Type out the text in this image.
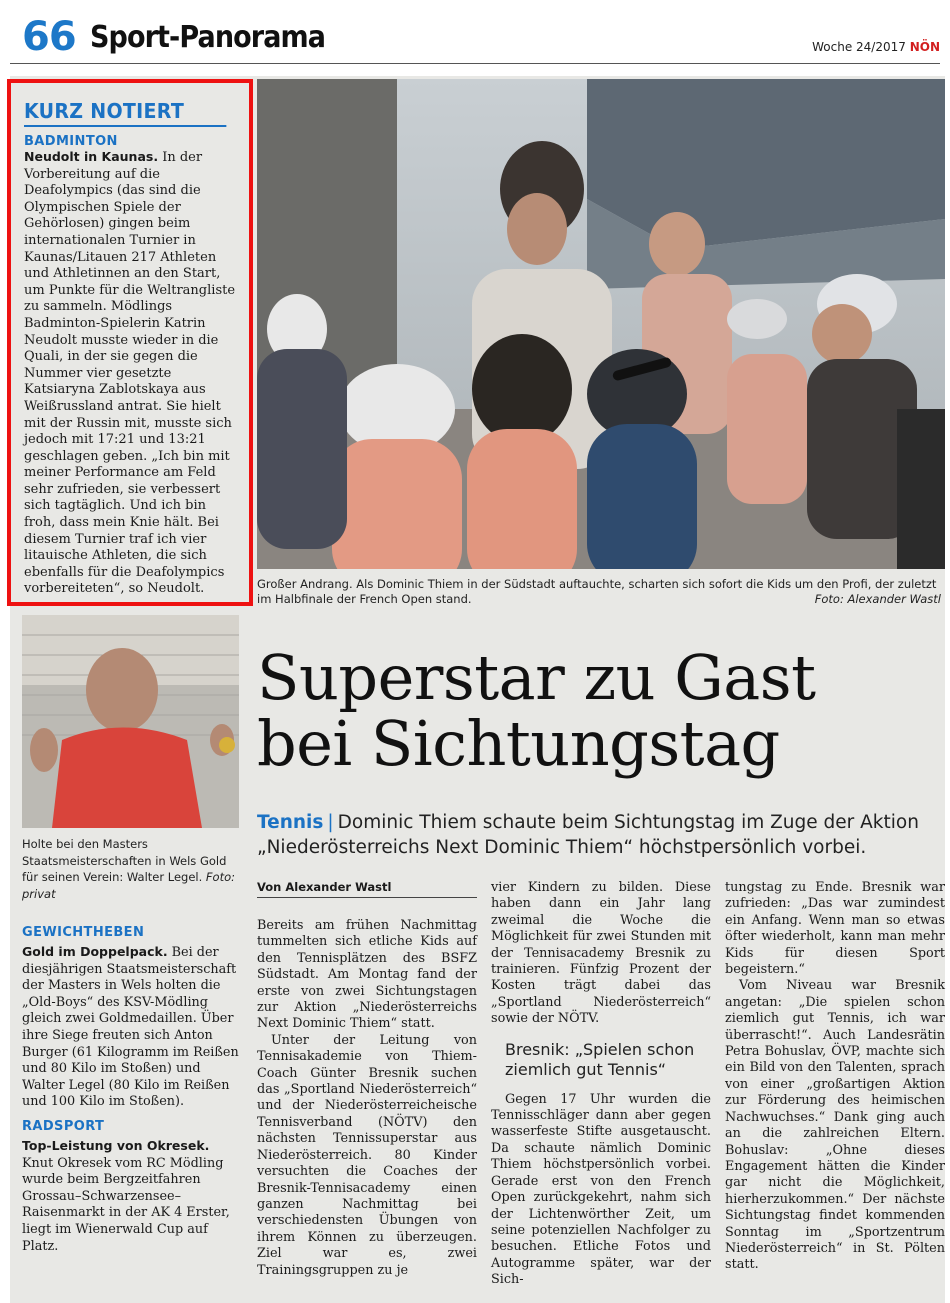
66 Sport-Panorama	Woche 24/2017 NÖN
KURZ NOTIERT
BADMINTON
Neudolt in Kaunas. In der Vorbereitung auf die Deafolympics (das sind die Olympischen Spiele der Gehörlosen) gingen beim internationalen Turnier in Kaunas/Litauen 217 Athleten und Athletinnen an den Start, um Punkte für die Weltrangliste zu sammeln. Mödlings Badminton-Spielerin Katrin Neudolt musste wieder in die Quali, in der sie gegen die Nummer vier gesetzte Katsiaryna Zablotskaya aus Weißrussland antrat. Sie hielt mit der Russin mit, musste sich jedoch mit 17:21 und 13:21 geschlagen geben. „Ich bin mit meiner Performance am Feld sehr zufrieden, sie verbessert sich tagtäglich. Und ich bin froh, dass mein Knie hält. Bei diesem Turnier traf ich vier litauische Athleten, die sich ebenfalls für die Deafolympics vorbereiteten“, so Neudolt.	Großer Andrang. Als Dominic Thiem in der Südstadt auftauchte, scharten sich sofort die Kids um den Profi, der zuletzt im Halbfinale der French Open stand.	Foto: Alexander Wastl
Holte bei den Masters Staatsmeisterschaften in Wels Gold für seinen Verein: Walter Legel. Foto: privat
GEWICHTHEBEN
Gold im Doppelpack. Bei der diesjährigen Staatsmeisterschaft der Masters in Wels holten die „Old-Boys“ des KSV-Mödling gleich zwei Goldmedaillen. Über ihre Siege freuten sich Anton Burger (61 Kilogramm im Reißen und 80 Kilo im Stoßen) und Walter Legel (80 Kilo im Reißen und 100 Kilo im Stoßen).
RADSPORT
Top-Leistung von Okresek. Knut Okresek vom RC Mödling wurde beim Bergzeitfahren Grossau–Schwarzensee–Raisenmarkt in der AK 4 Erster, liegt im Wienerwald Cup auf Platz.
Superstar zu Gast
bei Sichtungstag
Tennis | Dominic Thiem schaute beim Sichtungstag im Zuge der Aktion „Niederösterreichs Next Dominic Thiem“ höchstpersönlich vorbei.
Von Alexander Wastl

Bereits am frühen Nachmittag tummelten sich etliche Kids auf den Tennisplätzen des BSFZ Südstadt. Am Montag fand der erste von zwei Sichtungstagen zur Aktion „Niederösterreichs Next Dominic Thiem“ statt.

Unter der Leitung von Tennisakademie von Thiem-Coach Günter Bresnik suchen das „Sportland Niederösterreich“ und der Niederösterreicheische Tennisverband (NÖTV) den nächsten Tennissuperstar aus Niederösterreich. 80 Kinder versuchten die Coaches der Bresnik-Tennisacademy einen ganzen Nachmittag bei verschiedensten Übungen von ihrem Können zu überzeugen. Ziel war es, zwei Trainingsgruppen zu je

vier Kindern zu bilden. Diese haben dann ein Jahr lang zweimal die Woche die Möglichkeit für zwei Stunden mit der Tennisacademy Bresnik zu trainieren. Fünfzig Prozent der Kosten trägt dabei das „Sportland Niederösterreich“ sowie der NÖTV.

Bresnik: „Spielen schon ziemlich gut Tennis“

Gegen 17 Uhr wurden die Tennisschläger dann aber gegen wasserfeste Stifte ausgetauscht. Da schaute nämlich Dominic Thiem höchstpersönlich vorbei. Gerade erst von den French Open zurückgekehrt, nahm sich der Lichtenwörther Zeit, um seine potenziellen Nachfolger zu besuchen. Etliche Fotos und Autogramme später, war der Sich-

tungstag zu Ende. Bresnik war zufrieden: „Das war zumindest ein Anfang. Wenn man so etwas öfter wiederholt, kann man mehr Kids für diesen Sport begeistern.“

Vom Niveau war Bresnik angetan: „Die spielen schon ziemlich gut Tennis, ich war überrascht!“. Auch Landesrätin Petra Bohuslav, ÖVP, machte sich ein Bild von den Talenten, sprach von einer „großartigen Aktion zur Förderung des heimischen Nachwuchses.“ Dank ging auch an die zahlreichen Eltern. Bohuslav: „Ohne dieses Engagement hätten die Kinder gar nicht die Möglichkeit, hierherzukommen.“ Der nächste Sichtungstag findet kommenden Sonntag im „Sportzentrum Niederösterreich“ in St. Pölten statt.
